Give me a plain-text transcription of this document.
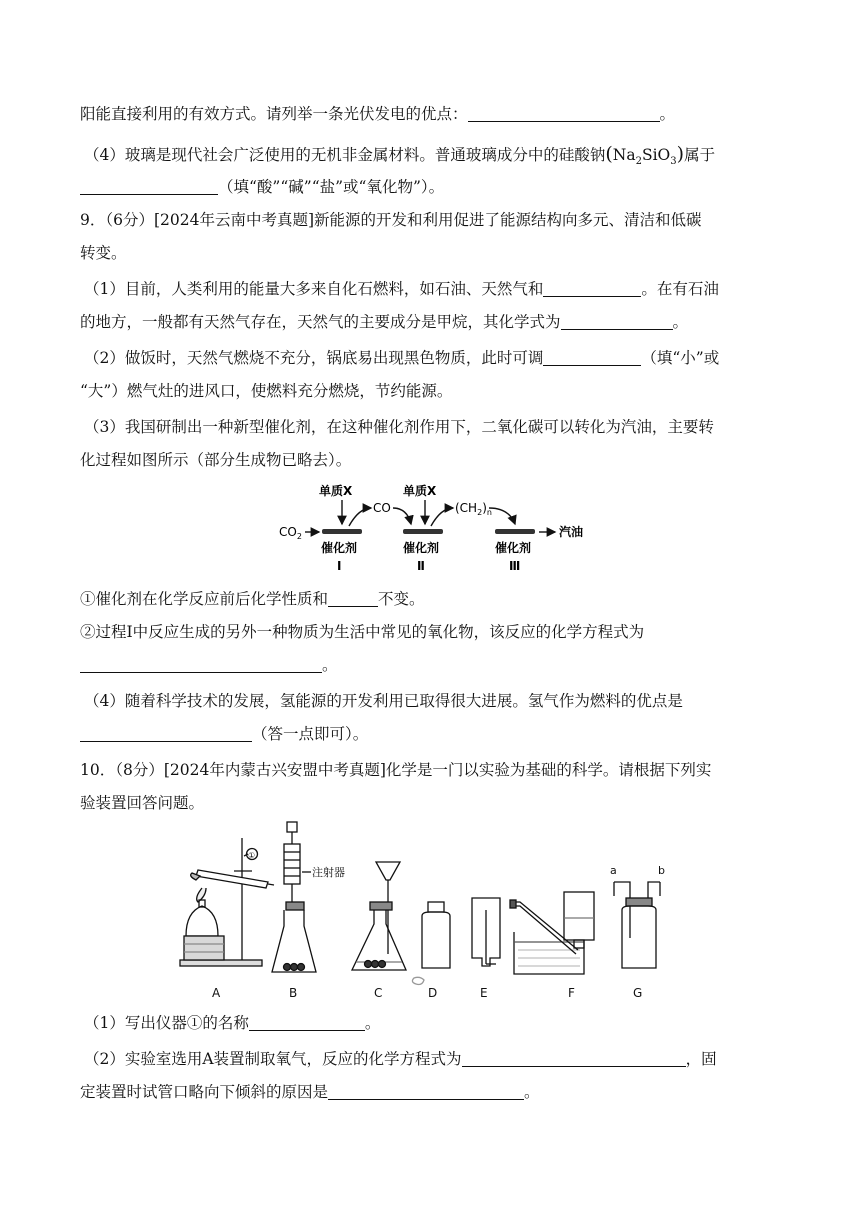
阳能直接利用的有效方式。请列举一条光伏发电的优点：	。
（4）玻璃是现代社会广泛使用的无机非金属材料。普通玻璃成分中的硅酸钠$(Na_2SiO_3)$属于
（填“酸”“碱”“盐”或“氧化物”）。
9．（6分）[2024年云南中考真题]新能源的开发和利用促进了能源结构向多元、清洁和低碳
转变。
（1）目前，人类利用的能量大多来自化石燃料，如石油、天然气和	。在有石油
的地方，一般都有天然气存在，天然气的主要成分是甲烷，其化学式为	。
（2）做饭时，天然气燃烧不充分，锅底易出现黑色物质，此时可调	（填“小”或
“大”）燃气灶的进风口，使燃料充分燃烧，节约能源。
（3）我国研制出一种新型催化剂，在这种催化剂作用下，二氧化碳可以转化为汽油，主要转
化过程如图所示（部分生成物已略去）。
$CO_2$
单质X
CO
催化剂
Ⅰ
单质X
$(CH_2)_n$
催化剂
Ⅱ
汽油
催化剂
Ⅲ
①催化剂在化学反应前后化学性质和	不变。
②过程Ⅰ中反应生成的另外一种物质为生活中常见的氧化物，该反应的化学方程式为
。
（4）随着科学技术的发展，氢能源的开发利用已取得很大进展。氢气作为燃料的优点是
（答一点即可）。
10．（8分）[2024年内蒙古兴安盟中考真题]化学是一门以实验为基础的科学。请根据下列实
验装置回答问题。
①
A
注射器
B	C	D	E	F
a	b
G
（1）写出仪器①的名称	。
（2）实验室选用A装置制取氧气，反应的化学方程式为	，固
定装置时试管口略向下倾斜的原因是	。
